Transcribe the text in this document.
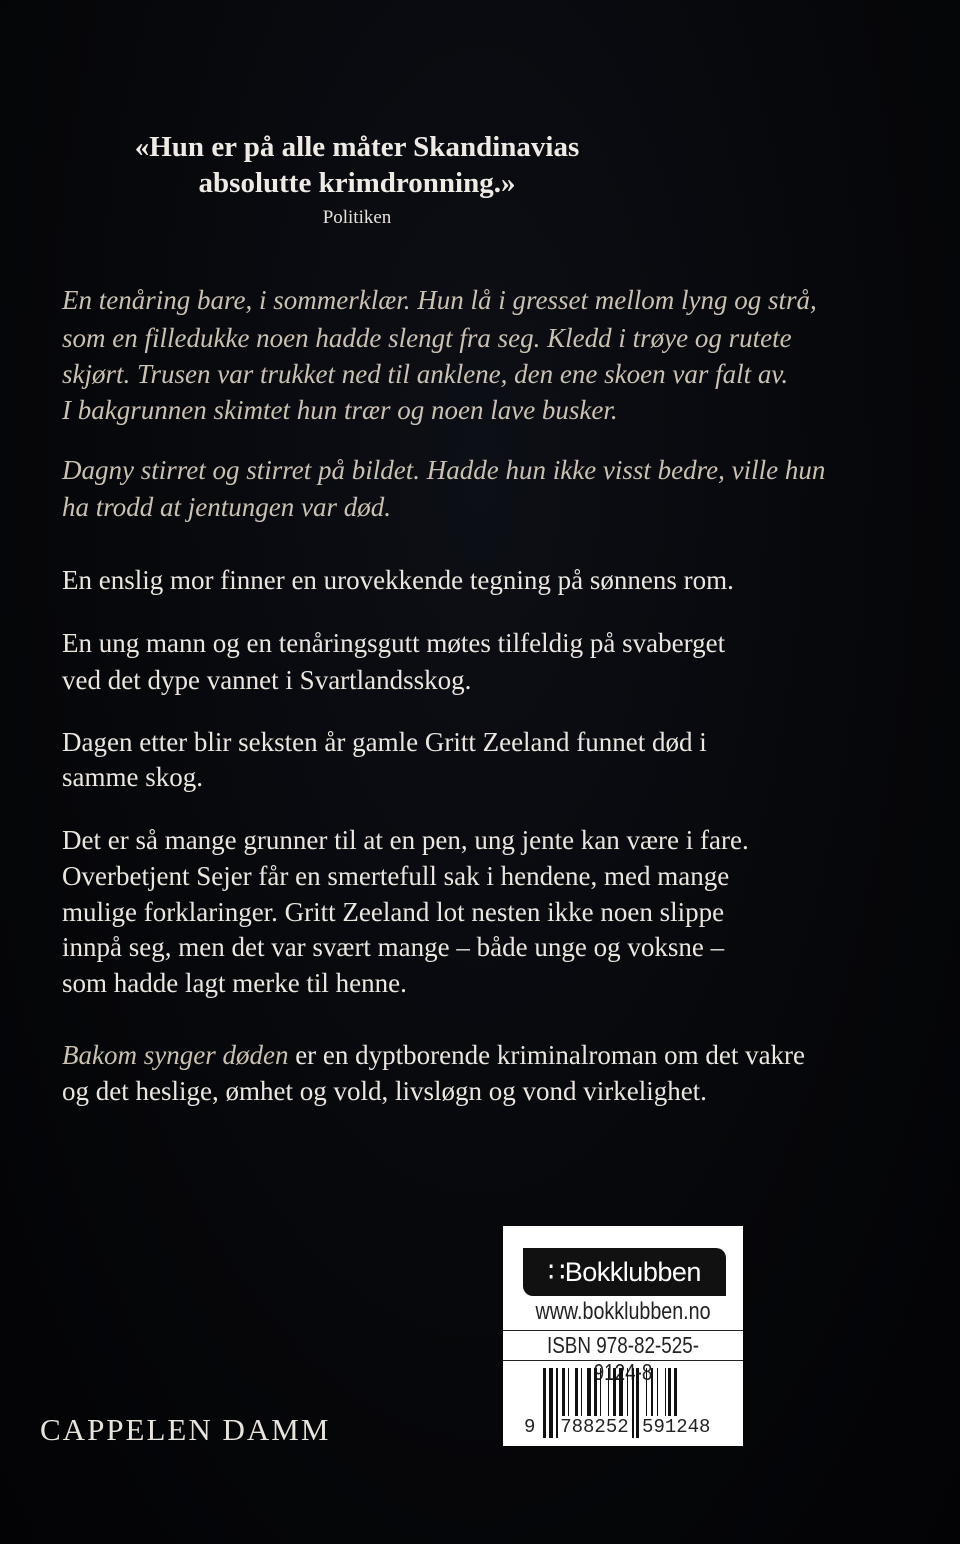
«Hun er på alle måter Skandinavias
absolutte krimdronning.»
Politiken
En tenåring bare, i sommerklær. Hun lå i gresset mellom lyng og strå,
som en filledukke noen hadde slengt fra seg. Kledd i trøye og rutete
skjørt. Trusen var trukket ned til anklene, den ene skoen var falt av.
I bakgrunnen skimtet hun trær og noen lave busker.
Dagny stirret og stirret på bildet. Hadde hun ikke visst bedre, ville hun
ha trodd at jentungen var død.
En enslig mor finner en urovekkende tegning på sønnens rom.
En ung mann og en tenåringsgutt møtes tilfeldig på svaberget
ved det dype vannet i Svartlandsskog.
Dagen etter blir seksten år gamle Gritt Zeeland funnet død i
samme skog.
Det er så mange grunner til at en pen, ung jente kan være i fare.
Overbetjent Sejer får en smertefull sak i hendene, med mange
mulige forklaringer. Gritt Zeeland lot nesten ikke noen slippe
innpå seg, men det var svært mange – både unge og voksne –
som hadde lagt merke til henne.
Bakom synger døden er en dyptborende kriminalroman om det vakre
og det heslige, ømhet og vold, livsløgn og vond virkelighet.
CAPPELEN DAMM
∷Bokklubben
www.bokklubben.no
ISBN 978-82-525-9124-8
9 788252 591248
